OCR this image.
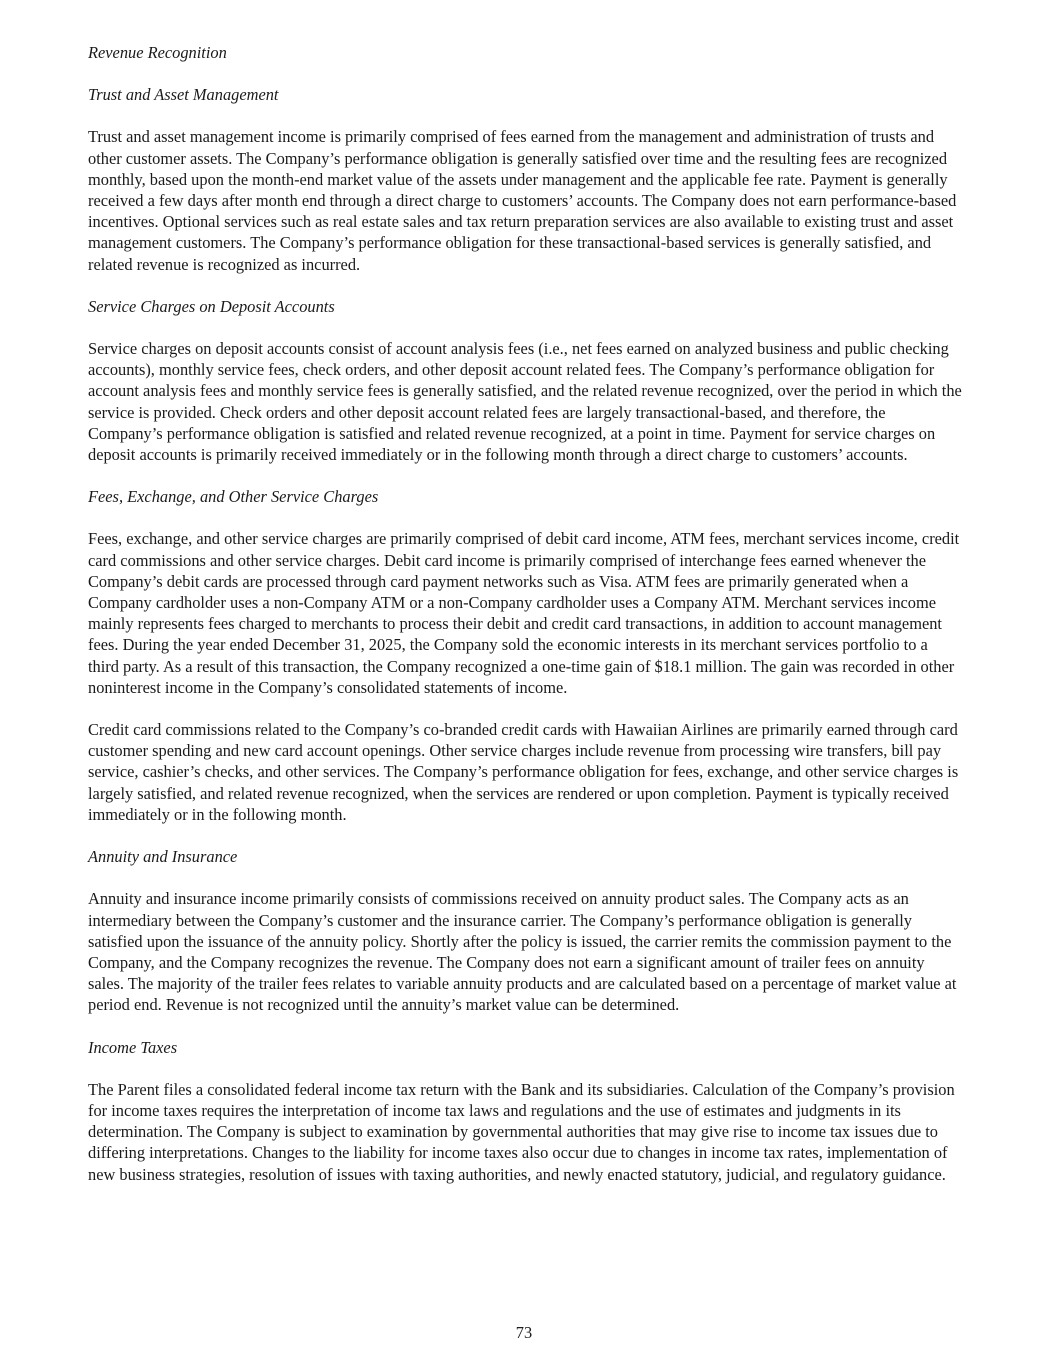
Revenue Recognition
Trust and Asset Management
Trust and asset management income is primarily comprised of fees earned from the management and administration of trusts and other customer assets. The Company’s performance obligation is generally satisfied over time and the resulting fees are recognized monthly, based upon the month-end market value of the assets under management and the applicable fee rate. Payment is generally received a few days after month end through a direct charge to customers’ accounts. The Company does not earn performance-based incentives. Optional services such as real estate sales and tax return preparation services are also available to existing trust and asset management customers. The Company’s performance obligation for these transactional-based services is generally satisfied, and related revenue is recognized as incurred.
Service Charges on Deposit Accounts
Service charges on deposit accounts consist of account analysis fees (i.e., net fees earned on analyzed business and public checking accounts), monthly service fees, check orders, and other deposit account related fees. The Company’s performance obligation for account analysis fees and monthly service fees is generally satisfied, and the related revenue recognized, over the period in which the service is provided. Check orders and other deposit account related fees are largely transactional-based, and therefore, the Company’s performance obligation is satisfied and related revenue recognized, at a point in time. Payment for service charges on deposit accounts is primarily received immediately or in the following month through a direct charge to customers’ accounts.
Fees, Exchange, and Other Service Charges
Fees, exchange, and other service charges are primarily comprised of debit card income, ATM fees, merchant services income, credit card commissions and other service charges. Debit card income is primarily comprised of interchange fees earned whenever the Company’s debit cards are processed through card payment networks such as Visa. ATM fees are primarily generated when a Company cardholder uses a non-Company ATM or a non-Company cardholder uses a Company ATM. Merchant services income mainly represents fees charged to merchants to process their debit and credit card transactions, in addition to account management fees. During the year ended December 31, 2025, the Company sold the economic interests in its merchant services portfolio to a third party. As a result of this transaction, the Company recognized a one-time gain of $18.1 million. The gain was recorded in other noninterest income in the Company’s consolidated statements of income.
Credit card commissions related to the Company’s co-branded credit cards with Hawaiian Airlines are primarily earned through card customer spending and new card account openings. Other service charges include revenue from processing wire transfers, bill pay service, cashier’s checks, and other services. The Company’s performance obligation for fees, exchange, and other service charges is largely satisfied, and related revenue recognized, when the services are rendered or upon completion. Payment is typically received immediately or in the following month.
Annuity and Insurance
Annuity and insurance income primarily consists of commissions received on annuity product sales. The Company acts as an intermediary between the Company’s customer and the insurance carrier. The Company’s performance obligation is generally satisfied upon the issuance of the annuity policy. Shortly after the policy is issued, the carrier remits the commission payment to the Company, and the Company recognizes the revenue. The Company does not earn a significant amount of trailer fees on annuity sales. The majority of the trailer fees relates to variable annuity products and are calculated based on a percentage of market value at period end. Revenue is not recognized until the annuity’s market value can be determined.
Income Taxes
The Parent files a consolidated federal income tax return with the Bank and its subsidiaries. Calculation of the Company’s provision for income taxes requires the interpretation of income tax laws and regulations and the use of estimates and judgments in its determination. The Company is subject to examination by governmental authorities that may give rise to income tax issues due to differing interpretations. Changes to the liability for income taxes also occur due to changes in income tax rates, implementation of new business strategies, resolution of issues with taxing authorities, and newly enacted statutory, judicial, and regulatory guidance.
73
